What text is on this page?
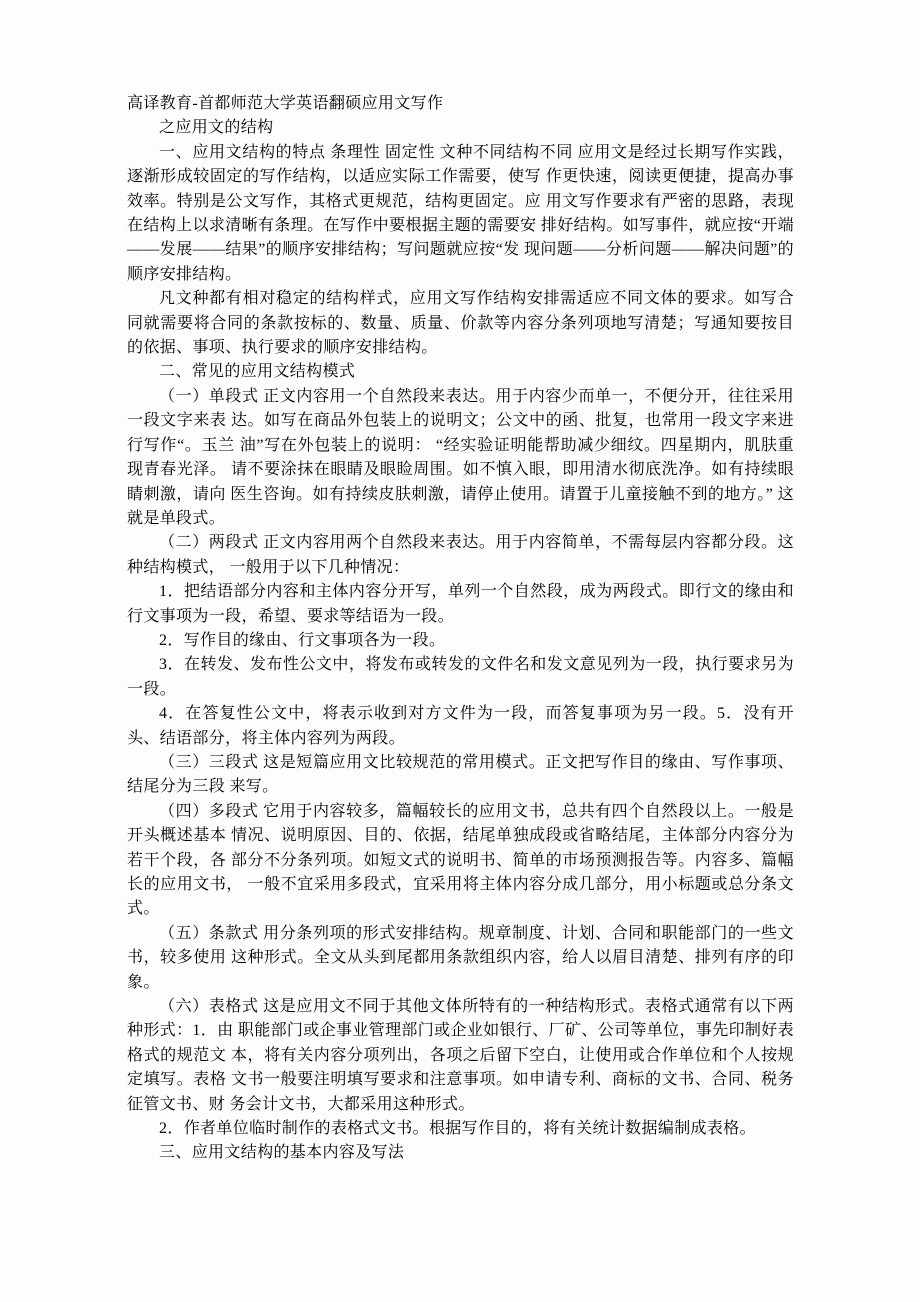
高译教育-首都师范大学英语翻硕应用文写作

之应用文的结构

一、应用文结构的特点 条理性 固定性 文种不同结构不同 应用文是经过长期写作实践，逐渐形成较固定的写作结构，以适应实际工作需要，使写 作更快速，阅读更便捷，提高办事效率。特别是公文写作，其格式更规范，结构更固定。应 用文写作要求有严密的思路，表现在结构上以求清晰有条理。在写作中要根据主题的需要安 排好结构。如写事件，就应按“开端——发展——结果”的顺序安排结构；写问题就应按“发 现问题——分析问题——解决问题”的顺序安排结构。

凡文种都有相对稳定的结构样式，应用文写作结构安排需适应不同文体的要求。如写合同就需要将合同的条款按标的、数量、质量、价款等内容分条列项地写清楚；写通知要按目的依据、事项、执行要求的顺序安排结构。

二、常见的应用文结构模式

（一）单段式 正文内容用一个自然段来表达。用于内容少而单一，不便分开，往往采用一段文字来表 达。如写在商品外包装上的说明文；公文中的函、批复，也常用一段文字来进行写作“。玉兰 油”写在外包装上的说明： “经实验证明能帮助减少细纹。四星期内，肌肤重现青春光泽。 请不要涂抹在眼睛及眼睑周围。如不慎入眼，即用清水彻底洗净。如有持续眼睛刺激，请向 医生咨询。如有持续皮肤刺激，请停止使用。请置于儿童接触不到的地方。” 这就是单段式。

（二）两段式 正文内容用两个自然段来表达。用于内容简单，不需每层内容都分段。这种结构模式， 一般用于以下几种情况：

1．把结语部分内容和主体内容分开写，单列一个自然段，成为两段式。即行文的缘由和行文事项为一段，希望、要求等结语为一段。

2．写作目的缘由、行文事项各为一段。

3．在转发、发布性公文中，将发布或转发的文件名和发文意见列为一段，执行要求另为一段。

4．在答复性公文中，将表示收到对方文件为一段，而答复事项为另一段。5．没有开头、结语部分，将主体内容列为两段。

（三）三段式 这是短篇应用文比较规范的常用模式。正文把写作目的缘由、写作事项、结尾分为三段 来写。

（四）多段式 它用于内容较多，篇幅较长的应用文书，总共有四个自然段以上。一般是开头概述基本 情况、说明原因、目的、依据，结尾单独成段或省略结尾，主体部分内容分为若干个段，各 部分不分条列项。如短文式的说明书、简单的市场预测报告等。内容多、篇幅长的应用文书， 一般不宜采用多段式，宜采用将主体内容分成几部分，用小标题或总分条文式。

（五）条款式 用分条列项的形式安排结构。规章制度、计划、合同和职能部门的一些文书，较多使用 这种形式。全文从头到尾都用条款组织内容，给人以眉目清楚、排列有序的印象。

（六）表格式 这是应用文不同于其他文体所特有的一种结构形式。表格式通常有以下两种形式：1．由 职能部门或企事业管理部门或企业如银行、厂矿、公司等单位，事先印制好表格式的规范文 本，将有关内容分项列出，各项之后留下空白，让使用或合作单位和个人按规定填写。表格 文书一般要注明填写要求和注意事项。如申请专利、商标的文书、合同、税务征管文书、财 务会计文书，大都采用这种形式。

2．作者单位临时制作的表格式文书。根据写作目的，将有关统计数据编制成表格。

三、应用文结构的基本内容及写法
